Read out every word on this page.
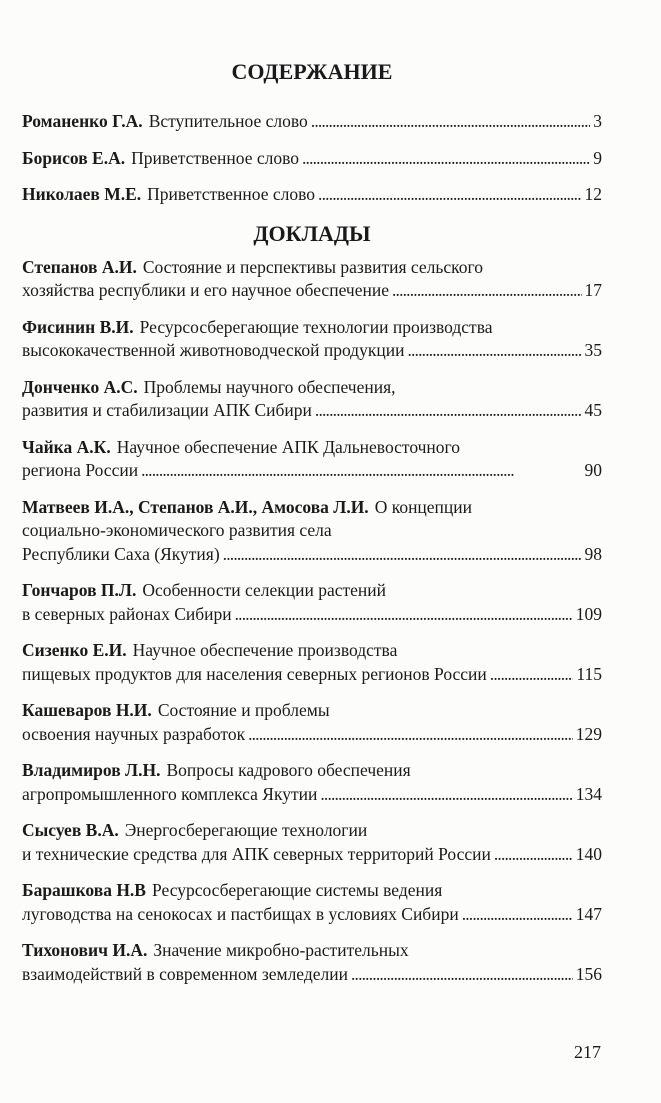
СОДЕРЖАНИЕ
Романенко Г.А. Вступительное слово . . .	3
Борисов Е.А. Приветственное слово . . .	9
Николаев М.Е. Приветственное слово . . .	12
ДОКЛАДЫ
Степанов А.И. Состояние и перспективы развития сельского
хозяйства республики и его научное обеспечение . . .	17
Фисинин В.И. Ресурсосберегающие технологии производства
высококачественной животноводческой продукции . . .	35
Донченко А.С. Проблемы научного обеспечения,
развития и стабилизации АПК Сибири . . .	45
Чайка А.К. Научное обеспечение АПК Дальневосточного
региона России . . .	90
Матвеев И.А., Степанов А.И., Амосова Л.И. О концепции
социально-экономического развития села
Республики Саха (Якутия) . . .	98
Гончаров П.Л. Особенности селекции растений
в северных районах Сибири . . .	109
Сизенко Е.И. Научное обеспечение производства
пищевых продуктов для населения северных регионов России . . .	115
Кашеваров Н.И. Состояние и проблемы
освоения научных разработок . . .	129
Владимиров Л.Н. Вопросы кадрового обеспечения
агропромышленного комплекса Якутии . . .	134
Сысуев В.А. Энергосберегающие технологии
и технические средства для АПК северных территорий России . . .	140
Барашкова Н.В Ресурсосберегающие системы ведения
луговодства на сенокосах и пастбищах в условиях Сибири . . .	147
Тихонович И.А. Значение микробно-растительных
взаимодействий в современном земледелии . . .	156
217
